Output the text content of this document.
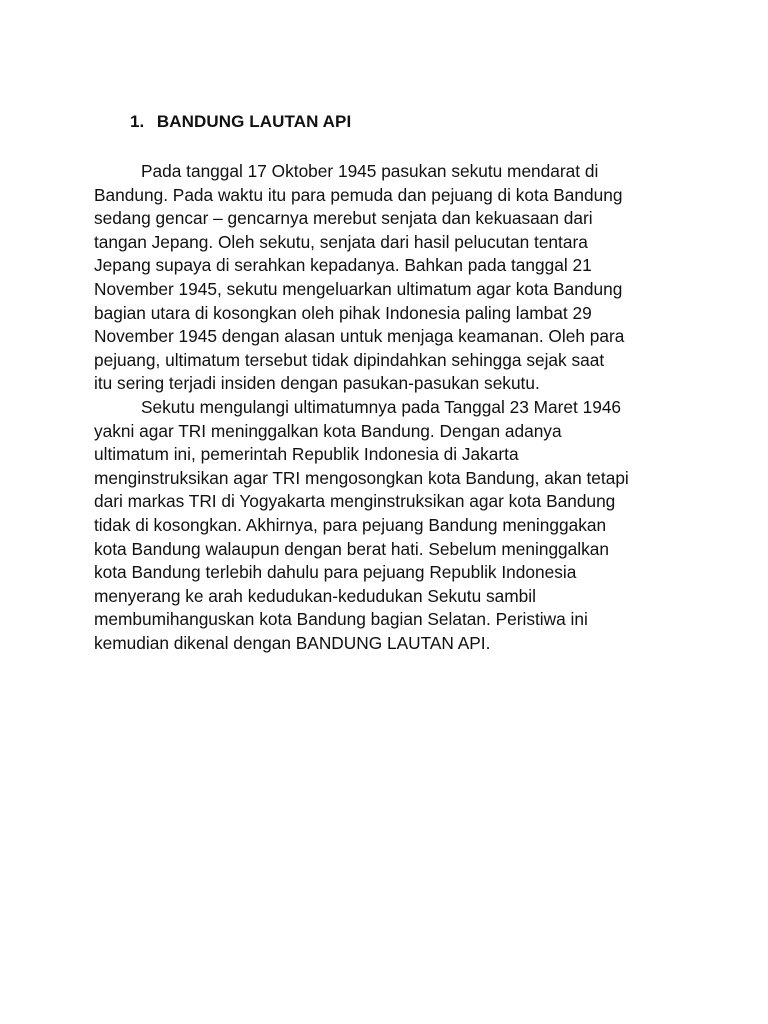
1. BANDUNG LAUTAN API
Pada tanggal 17 Oktober 1945 pasukan sekutu mendarat di
Bandung. Pada waktu itu para pemuda dan pejuang di kota Bandung
sedang gencar – gencarnya merebut senjata dan kekuasaan dari
tangan Jepang. Oleh sekutu, senjata dari hasil pelucutan tentara
Jepang supaya di serahkan kepadanya. Bahkan pada tanggal 21
November 1945, sekutu mengeluarkan ultimatum agar kota Bandung
bagian utara di kosongkan oleh pihak Indonesia paling lambat 29
November 1945 dengan alasan untuk menjaga keamanan. Oleh para
pejuang, ultimatum tersebut tidak dipindahkan sehingga sejak saat
itu sering terjadi insiden dengan pasukan-pasukan sekutu.
Sekutu mengulangi ultimatumnya pada Tanggal 23 Maret 1946
yakni agar TRI meninggalkan kota Bandung. Dengan adanya
ultimatum ini, pemerintah Republik Indonesia di Jakarta
menginstruksikan agar TRI mengosongkan kota Bandung, akan tetapi
dari markas TRI di Yogyakarta menginstruksikan agar kota Bandung
tidak di kosongkan. Akhirnya, para pejuang Bandung meninggakan
kota Bandung walaupun dengan berat hati. Sebelum meninggalkan
kota Bandung terlebih dahulu para pejuang Republik Indonesia
menyerang ke arah kedudukan-kedudukan Sekutu sambil
membumihanguskan kota Bandung bagian Selatan. Peristiwa ini
kemudian dikenal dengan BANDUNG LAUTAN API.
